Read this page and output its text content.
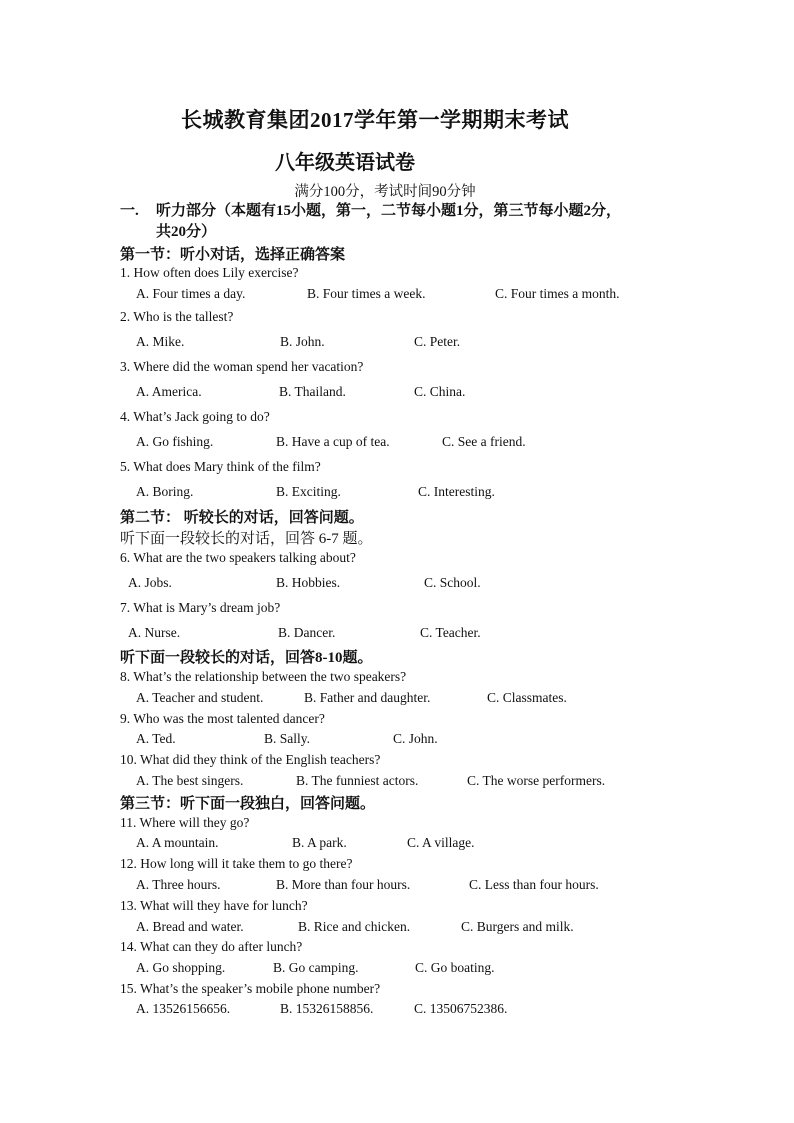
长城教育集团2017学年第一学期期末考试
八年级英语试卷
满分100分，考试时间90分钟
一. 听力部分（本题有15小题，第一，二节每小题1分，第三节每小题2分，
共20分）
第一节：听小对话，选择正确答案
1. How often does Lily exercise?
A. Four times a day.	B. Four times a week.	C. Four times a month.
2. Who is the tallest?
A. Mike.	B. John.	C. Peter.
3. Where did the woman spend her vacation?
A. America.	B. Thailand.	C. China.
4. What’s Jack going to do?
A. Go fishing.	B. Have a cup of tea.	C. See a friend.
5. What does Mary think of the film?
A. Boring.	B. Exciting.	C. Interesting.
第二节： 听较长的对话，回答问题。
听下面一段较长的对话，回答 6-7 题。
6. What are the two speakers talking about?
A. Jobs.	B. Hobbies.	C. School.
7. What is Mary’s dream job?
A. Nurse.	B. Dancer.	C. Teacher.
听下面一段较长的对话，回答8-10题。
8. What’s the relationship between the two speakers?
A. Teacher and student.	B. Father and daughter.	C. Classmates.
9. Who was the most talented dancer?
A. Ted.	B. Sally.	C. John.
10. What did they think of the English teachers?
A. The best singers.	B. The funniest actors.	C. The worse performers.
第三节：听下面一段独白，回答问题。
11. Where will they go?
A. A mountain.	B. A park.	C. A village.
12. How long will it take them to go there?
A. Three hours.	B. More than four hours.	C. Less than four hours.
13. What will they have for lunch?
A. Bread and water.	B. Rice and chicken.	C. Burgers and milk.
14. What can they do after lunch?
A. Go shopping.	B. Go camping.	C. Go boating.
15. What’s the speaker’s mobile phone number?
A. 13526156656.	B. 15326158856.	C. 13506752386.
